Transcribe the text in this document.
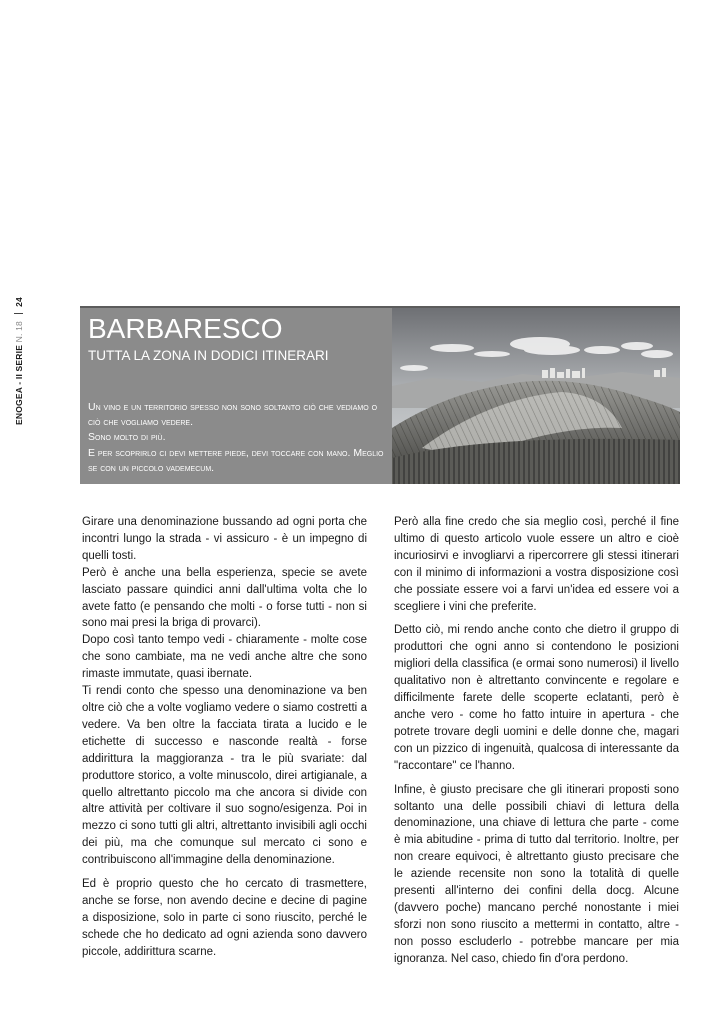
ENOGEA - II SERIE N. 18  24
BARBARESCO
TUTTA LA ZONA IN DODICI ITINERARI

Un vino e un territorio spesso non sono soltanto ciò che vediamo o ciò che vogliamo vedere.

Sono molto di più.

E per scoprirlo ci devi mettere piede, devi toccare con mano. Meglio se con un piccolo vademecum.

Girare una denominazione bussando ad ogni porta che incontri lungo la strada - vi assicuro - è un impegno di quelli tosti.
Però è anche una bella esperienza, specie se avete lasciato passare quindici anni dall'ultima volta che lo avete fatto (e pensando che molti - o forse tutti - non si sono mai presi la briga di provarci).
Dopo così tanto tempo vedi - chiaramente - molte cose che sono cambiate, ma ne vedi anche altre che sono rimaste immutate, quasi ibernate.
Ti rendi conto che spesso una denominazione va ben oltre ciò che a volte vogliamo vedere o siamo costretti a vedere. Va ben oltre la facciata tirata a lucido e le etichette di successo e nasconde realtà - forse addirittura la maggioranza - tra le più svariate: dal produttore storico, a volte minuscolo, direi artigianale, a quello altrettanto piccolo ma che ancora si divide con altre attività per coltivare il suo sogno/esigenza. Poi in mezzo ci sono tutti gli altri, altrettanto invisibili agli occhi dei più, ma che comunque sul mercato ci sono e contribuiscono all'immagine della denominazione.

Ed è proprio questo che ho cercato di trasmettere, anche se forse, non avendo decine e decine di pagine a disposizione, solo in parte ci sono riuscito, perché le schede che ho dedicato ad ogni azienda sono davvero piccole, addirittura scarne.

Però alla fine credo che sia meglio così, perché il fine ultimo di questo articolo vuole essere un altro e cioè incuriosirvi e invogliarvi a ripercorrere gli stessi itinerari con il minimo di informazioni a vostra disposizione così che possiate essere voi a farvi un'idea ed essere voi a scegliere i vini che preferite.

Detto ciò, mi rendo anche conto che dietro il gruppo di produttori che ogni anno si contendono le posizioni migliori della classifica (e ormai sono numerosi) il livello qualitativo non è altrettanto convincente e regolare e difficilmente farete delle scoperte eclatanti, però è anche vero - come ho fatto intuire in apertura - che potrete trovare degli uomini e delle donne che, magari con un pizzico di ingenuità, qualcosa di interessante da "raccontare" ce l'hanno.

Infine, è giusto precisare che gli itinerari proposti sono soltanto una delle possibili chiavi di lettura della denominazione, una chiave di lettura che parte - come è mia abitudine - prima di tutto dal territorio. Inoltre, per non creare equivoci, è altrettanto giusto precisare che le aziende recensite non sono la totalità di quelle presenti all'interno dei confini della docg. Alcune (davvero poche) mancano perché nonostante i miei sforzi non sono riuscito a mettermi in contatto, altre - non posso escluderlo - potrebbe mancare per mia ignoranza. Nel caso, chiedo fin d'ora perdono.
